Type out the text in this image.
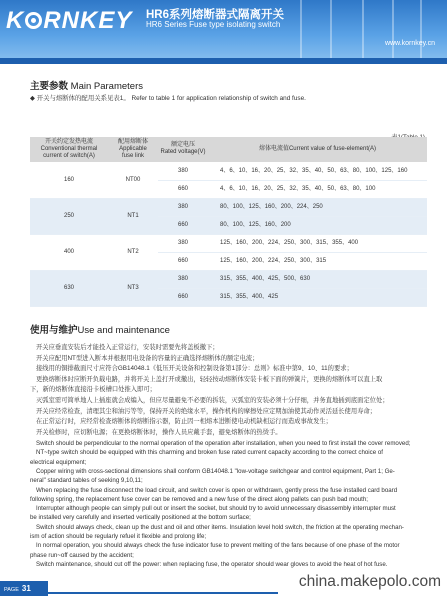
K RNKEY HR6系列熔断器式隔离开关
HR6 Series Fuse type isolating switch
www.kornkey.cn
主要参数 Main Parameters
◆ 开关与熔断体的配用关系见表1。 Refer to table 1 for application relationship of switch and fuse.
开关约定发热电流
Conventional thermal
current of switch(A)	配用熔断体
Applicable
fuse link	额定电压
Rated voltage(V)	熔体电流值Current value of fuse-element(A)
160	NT00	380	4、6、10、16、20、25、32、35、40、50、63、80、100、125、160
		660	4、6、10、16、20、25、32、35、40、50、63、80、100
250	NT1	380	80、100、125、160、200、224、250
		660	80、100、125、160、200
400	NT2	380	125、160、200、224、250、300、315、355、400
		660	125、160、200、224、250、300、315
630	NT3	380	315、355、400、425、500、630
		660	315、355、400、425
使用与维护Use and maintenance
开关应垂直安装后才能投入正常运行，安装时需要先将盖板撤下；
开关应配用NT型进入断本并根据用电设备的容量的正确选择熔断体的额定电流；
接线用的铜排截面尺寸应符合GB14048.1《低压开关设备和控制设备第1部分：总则》标准中第9、10、11的要求；
更换熔断体时应断开负载电路，并将开关上盖打开或撤出，轻轻按动熔断体安装卡板下面的弹簧片，更换的熔断体可以直上取
下，新的熔断体直接沿卡板槽口处推入即可；
灭弧室需可简单地人上插座就会成编入，但应尽量避免不必要的拆装，灭弧室的安装必须十分仔细，并务直地插到底面定位处；
开关应经常检查，清理其尘和油污等等，保持开关的绝缘水平，操作机构的摩擦处应定期加油使其动作灵活延长使用寿命；
在正常运行时，应经常检查熔断体的熔断指示器，防止因一相熔本进断使电动机缺相运行而造成事故发生；
开关检修时，应切断电源；在更换熔断体时，操作人员应戴手套，避免熔断体的热烫手。
Switch should be perpendicular to the normal operation of the operation after installation, when you need to first install the cover removed;
NT~type switch should be equipped with this charming and broken fuse rated current capacity according to the correct choice of
electrical equipment;
Copper wiring with cross-sectional dimensions shall conform GB14048.1 "low-voltage switchgear and control equipment, Part 1; Ge-
neral" standard tables of seeking 9,10,11;
When replacing the fuse disconnect the load circuit, and switch cover is open or withdrawn, gently press the fuse installed card board
following spring, the replacement fuse cover can be removed and a new fuse of the direct along pallets can push bad mouth;
Interrupter although people can simply pull out or insert the socket, but should try to avoid unnecessary disassembly interrupter must
be installed very carefully and inserted vertically positioned at the bottom surface;
Switch should always check, clean up the dust and oil and other items. Insulation level hold switch, the friction at the operating mechan-
ism of action should be regularly refuel it flexible and prolong life;
In normal operation, you should always check the fuse indicator fuse to prevent melting of the fans because of one phase of the motor
phase run~off caused by the accident;
Switch maintenance, should cut off the power: when replacing fuse, the operator should wear gloves to avoid the heat of hot fuse.
PAGE 31	china.makepolo.com
